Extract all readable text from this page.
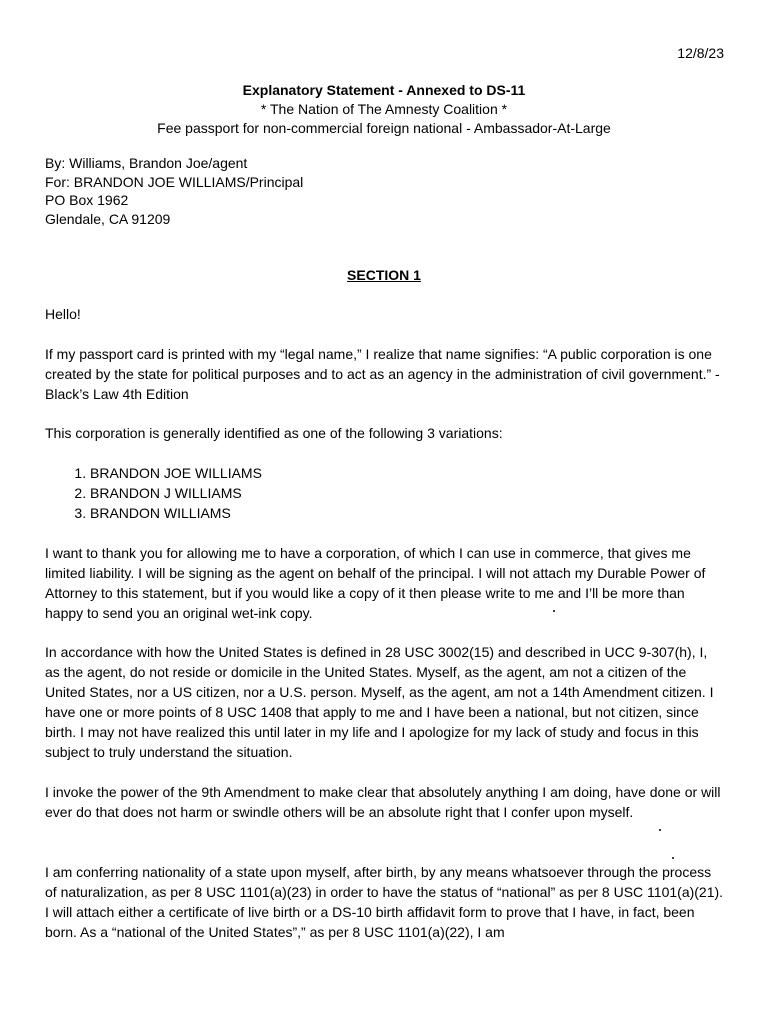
12/8/23
Explanatory Statement - Annexed to DS-11
* The Nation of The Amnesty Coalition *
Fee passport for non-commercial foreign national - Ambassador-At-Large
By: Williams, Brandon Joe/agent
For: BRANDON JOE WILLIAMS/Principal
PO Box 1962
Glendale, CA 91209
SECTION 1

Hello!

If my passport card is printed with my “legal name,” I realize that name signifies: “A public corporation is one created by the state for political purposes and to act as an agency in the administration of civil government.” -Black’s Law 4th Edition

This corporation is generally identified as one of the following 3 variations:

1. BRANDON JOE WILLIAMS
2. BRANDON J WILLIAMS
3. BRANDON WILLIAMS

I want to thank you for allowing me to have a corporation, of which I can use in commerce, that gives me limited liability. I will be signing as the agent on behalf of the principal. I will not attach my Durable Power of Attorney to this statement, but if you would like a copy of it then please write to me and I’ll be more than happy to send you an original wet-ink copy.

In accordance with how the United States is defined in 28 USC 3002(15) and described in UCC 9-307(h), I, as the agent, do not reside or domicile in the United States. Myself, as the agent, am not a citizen of the United States, nor a US citizen, nor a U.S. person. Myself, as the agent, am not a 14th Amendment citizen. I have one or more points of 8 USC 1408 that apply to me and I have been a national, but not citizen, since birth. I may not have realized this until later in my life and I apologize for my lack of study and focus in this subject to truly understand the situation.

I invoke the power of the 9th Amendment to make clear that absolutely anything I am doing, have done or will ever do that does not harm or swindle others will be an absolute right that I confer upon myself.

I am conferring nationality of a state upon myself, after birth, by any means whatsoever through the process of naturalization, as per 8 USC 1101(a)(23) in order to have the status of “national” as per 8 USC 1101(a)(21). I will attach either a certificate of live birth or a DS-10 birth affidavit form to prove that I have, in fact, been born. As a “national of the United States”,” as per 8 USC 1101(a)(22), I am
